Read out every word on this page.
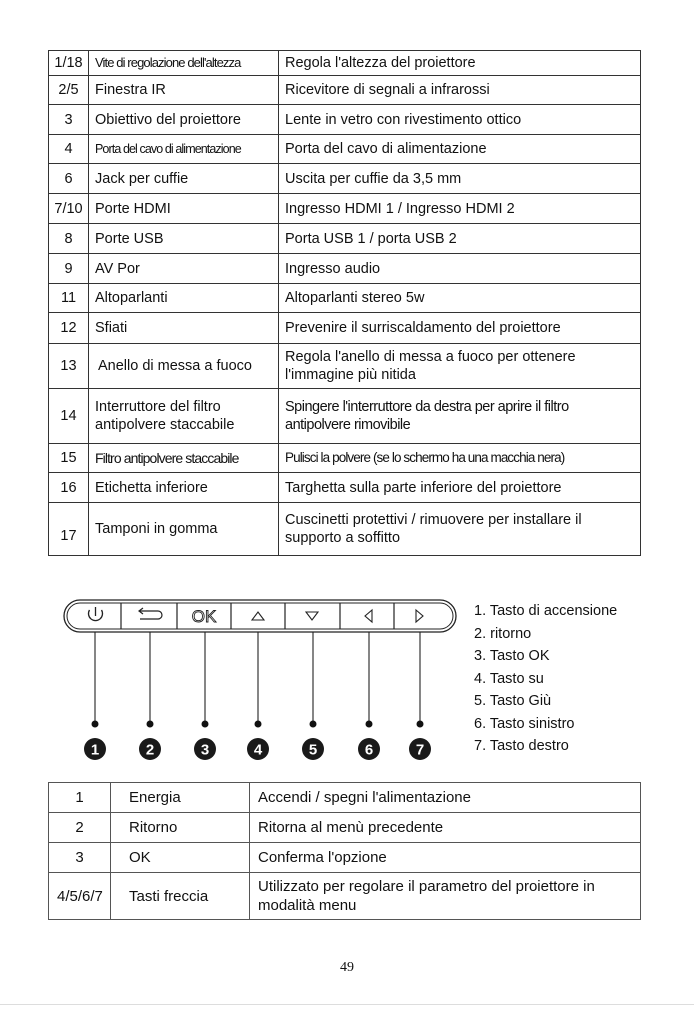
1/18	Vite di regolazione dell'altezza	Regola l'altezza del proiettore
2/5	Finestra IR	Ricevitore di segnali a infrarossi
3	Obiettivo del proiettore	Lente in vetro con rivestimento ottico
4	Porta del cavo di alimentazione	Porta del cavo di alimentazione
6	Jack per cuffie	Uscita per cuffie da 3,5 mm
7/10	Porte HDMI	Ingresso HDMI 1 / Ingresso HDMI 2
8	Porte USB	Porta USB 1 / porta USB 2
9	AV Por	Ingresso audio
11	Altoparlanti	Altoparlanti stereo 5w
12	Sfiati	Prevenire il surriscaldamento del proiettore
13	Anello di messa a fuoco	Regola l'anello di messa a fuoco per ottenere l'immagine più nitida
14	Interruttore del filtro antipolvere staccabile	Spingere l'interruttore da destra per aprire il filtro antipolvere rimovibile
15	Filtro antipolvere staccabile	Pulisci la polvere (se lo schermo ha una macchia nera)
16	Etichetta inferiore	Targhetta sulla parte inferiore del proiettore
17	Tamponi in gomma	Cuscinetti protettivi / rimuovere per installare il supporto a soffitto
OK
1	2	3	4	5	6	7
1. Tasto di accensione
2. ritorno
3. Tasto OK
4. Tasto su
5. Tasto Giù
6. Tasto sinistro
7. Tasto destro
1	Energia	Accendi / spegni l'alimentazione
2	Ritorno	Ritorna al menù precedente
3	OK	Conferma l'opzione
4/5/6/7	Tasti freccia	Utilizzato per regolare il parametro del proiettore in modalità menu
49
